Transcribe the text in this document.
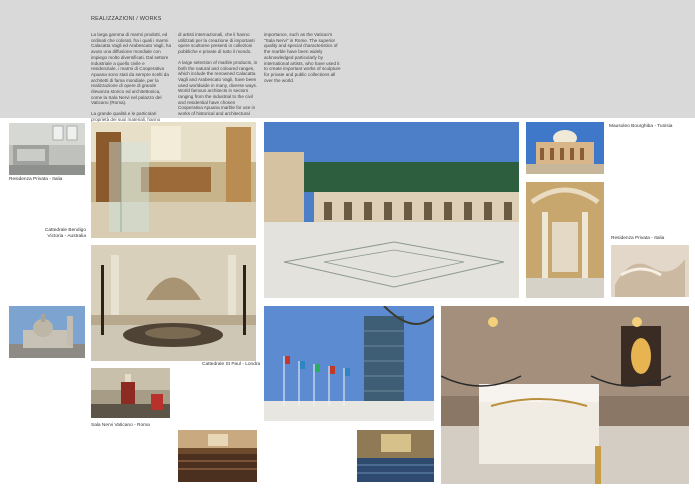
REALIZZAZIONI / WORKS

La larga gamma di marmi prodotti, ed ordinati che colorati, fra i quali i marmi Calacatta Vagli ed Arabescato Vagli, ha avuto una diffusione mondiale con impiego molto diversificati. Dal settore industriale a quello civile e residenziale, i marmi di Cooperativa Apuana sono stati da sempre scelti da architetti di fama mondiale, per la realizzazione di opere di grande rilevanza storico ed architettonica, come la Sala Nervi nel palazzo del Vaticano (Roma).

La grande qualità e le particolari proprietà dei suoi materiali, hanno

di artisti internazionali, che li hanno utilizzati per la creazione di importanti opere scultoree presenti in collezioni pubbliche e private di tutto il mondo.

A large selection of marble products, in both the natural and coloured ranges, which include the renowned Calacatta Vagli and Arabescato Vagli, have been used worldwide in many, diverse ways. World famous architects in sectors ranging from the industrial to the civil and residential have chosen Cooperativa Apuana marble for use in works of historical and architectural

importance, such as the Vatican's "Sala Nervi" in Rome. The superior quality and special characteristics of the marble have been widely acknowledged particularly by international artists, who have used it to create important works of sculpture for private and public collections all over the world.

Residenza Privata - Italia
Cattedrale Bendigo
Victoria - Australia
Cattedrale St Paul - Londra
Sala Nervi Vaticano - Roma
Mausoleo Bourghiba - Tunisia
Residenza Privata - Italia
